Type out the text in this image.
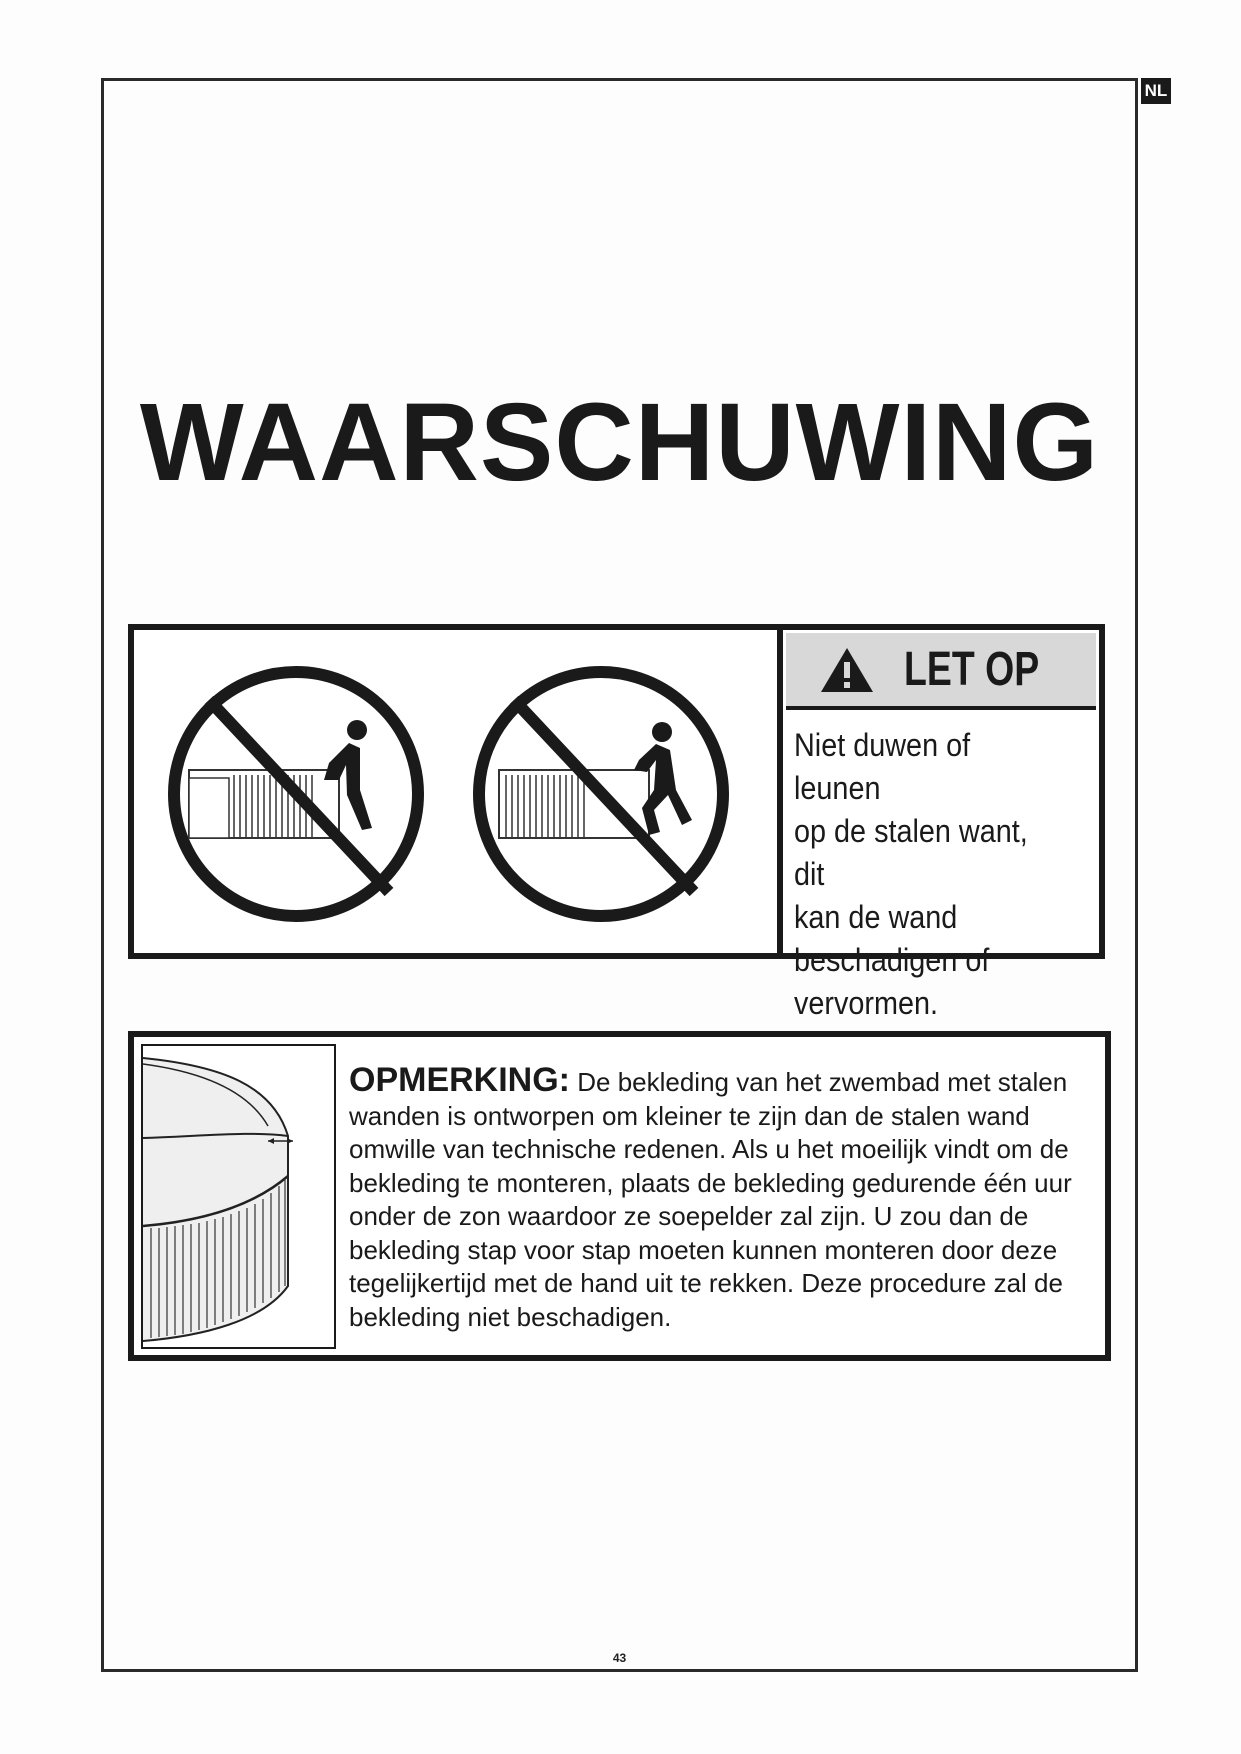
NL
WAARSCHUWING
LET OP
Niet duwen of leunen
op de stalen want, dit
kan de wand
beschadigen of
vervormen.
OPMERKING: De bekleding van het zwembad met stalen wanden is ontworpen om kleiner te zijn dan de stalen wand omwille van technische redenen. Als u het moeilijk vindt om de bekleding te monteren, plaats de bekleding gedurende één uur onder de zon waardoor ze soepelder zal zijn. U zou dan de bekleding stap voor stap moeten kunnen monteren door deze tegelijkertijd met de hand uit te rekken. Deze procedure zal de bekleding niet beschadigen.
43
